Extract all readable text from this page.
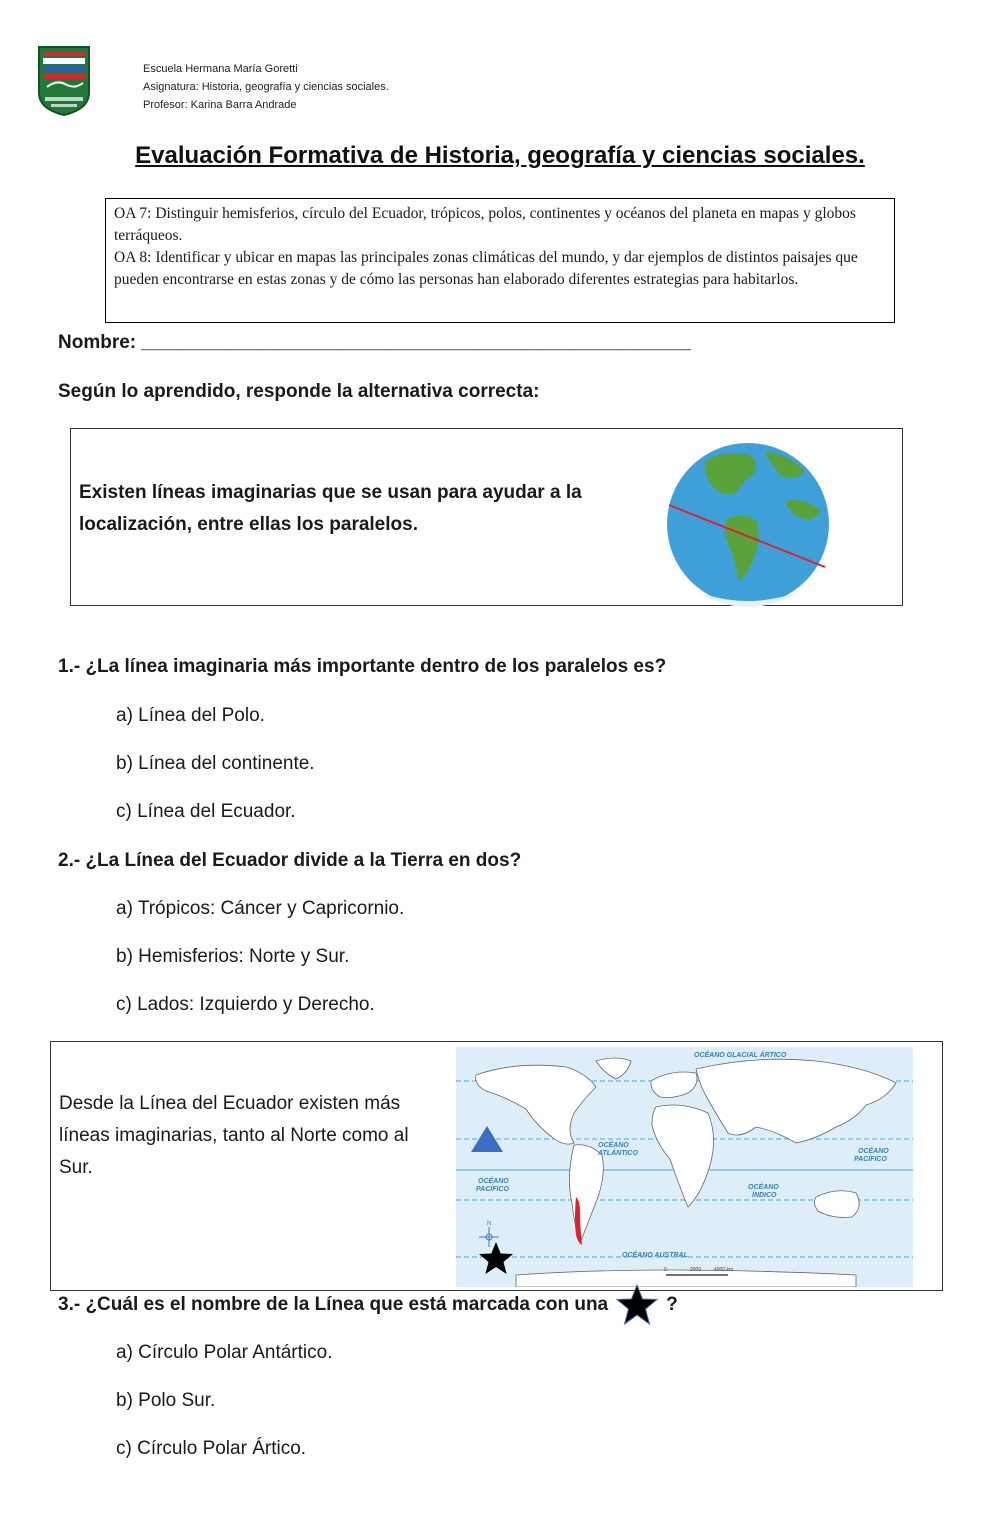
Escuela Hermana María Goretti
Asignatura: Historia, geografía y ciencias sociales.
Profesor: Karina Barra Andrade
Evaluación Formativa de Historia, geografía y ciencias sociales.

OA 7: Distinguir hemisferios, círculo del Ecuador, trópicos, polos, continentes y océanos del planeta en mapas y globos terráqueos.

OA 8: Identificar y ubicar en mapas las principales zonas climáticas del mundo, y dar ejemplos de distintos paisajes que pueden encontrarse en estas zonas y de cómo las personas han elaborado diferentes estrategias para habitarlos.

Nombre: ____________________________________________________
Según lo aprendido, responde la alternativa correcta:
Existen líneas imaginarias que se usan para ayudar a la localización, entre ellas los paralelos.
1.- ¿La línea imaginaria más importante dentro de los paralelos es?
a) Línea del Polo.
b) Línea del continente.
c) Línea del Ecuador.
2.- ¿La Línea del Ecuador divide a la Tierra en dos?
a) Trópicos: Cáncer y Capricornio.
b) Hemisferios: Norte y Sur.
c) Lados: Izquierdo y Derecho.
Desde la Línea del Ecuador existen más líneas imaginarias, tanto al Norte como al Sur.
OCÉANO GLACIAL ÁRTICO
OCÉANO
ATLÁNTICO	OCÉANO
PACÍFICO
OCÉANO
PACÍFICO	OCÉANO
ÍNDICO
OCÉANO AUSTRAL
N
0	2000	4000 km
3.- ¿Cuál es el nombre de la Línea que está marcada con una	?
a) Círculo Polar Antártico.
b) Polo Sur.
c) Círculo Polar Ártico.
